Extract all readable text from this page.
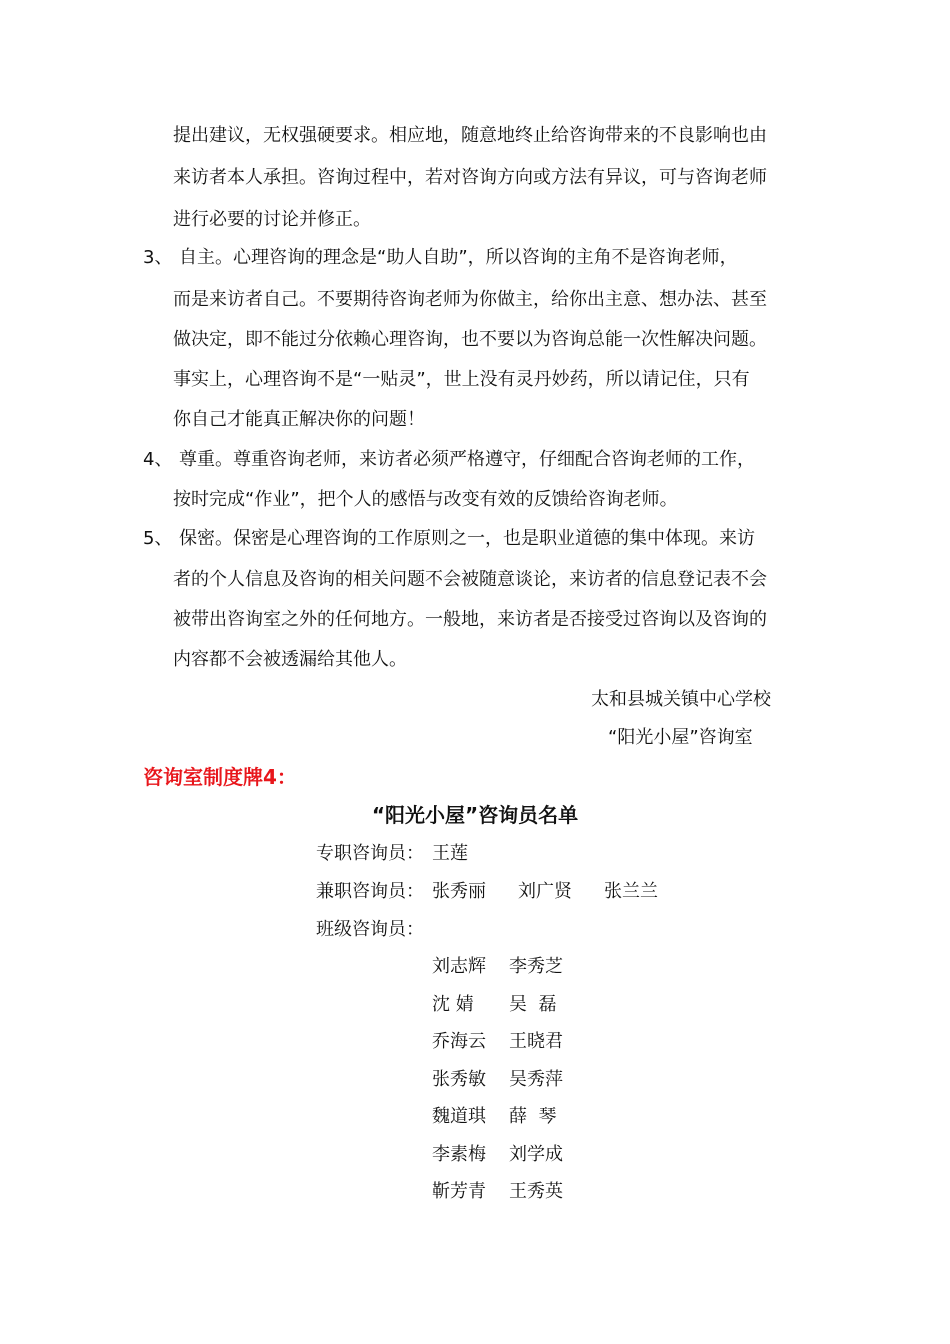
提出建议，无权强硬要求。相应地，随意地终止给咨询带来的不良影响也由
来访者本人承担。咨询过程中，若对咨询方向或方法有异议，可与咨询老师
进行必要的讨论并修正。
3、 自主。心理咨询的理念是“助人自助”，所以咨询的主角不是咨询老师，
而是来访者自己。不要期待咨询老师为你做主，给你出主意、想办法、甚至
做决定，即不能过分依赖心理咨询，也不要以为咨询总能一次性解决问题。
事实上，心理咨询不是“一贴灵”，世上没有灵丹妙药，所以请记住，只有
你自己才能真正解决你的问题！
4、 尊重。尊重咨询老师，来访者必须严格遵守，仔细配合咨询老师的工作，
按时完成“作业”，把个人的感悟与改变有效的反馈给咨询老师。
5、 保密。保密是心理咨询的工作原则之一，也是职业道德的集中体现。来访
者的个人信息及咨询的相关问题不会被随意谈论，来访者的信息登记表不会
被带出咨询室之外的任何地方。一般地，来访者是否接受过咨询以及咨询的
内容都不会被透漏给其他人。
太和县城关镇中心学校
“阳光小屋”咨询室
咨询室制度牌4：
“阳光小屋”咨询员名单
专职咨询员： 王莲
兼职咨询员： 张秀丽 刘广贤 张兰兰
班级咨询员：
刘志辉 李秀芝
沈 婧 吴  磊
乔海云 王晓君
张秀敏 吴秀萍
魏道琪 薛  琴
李素梅 刘学成
靳芳青 王秀英
